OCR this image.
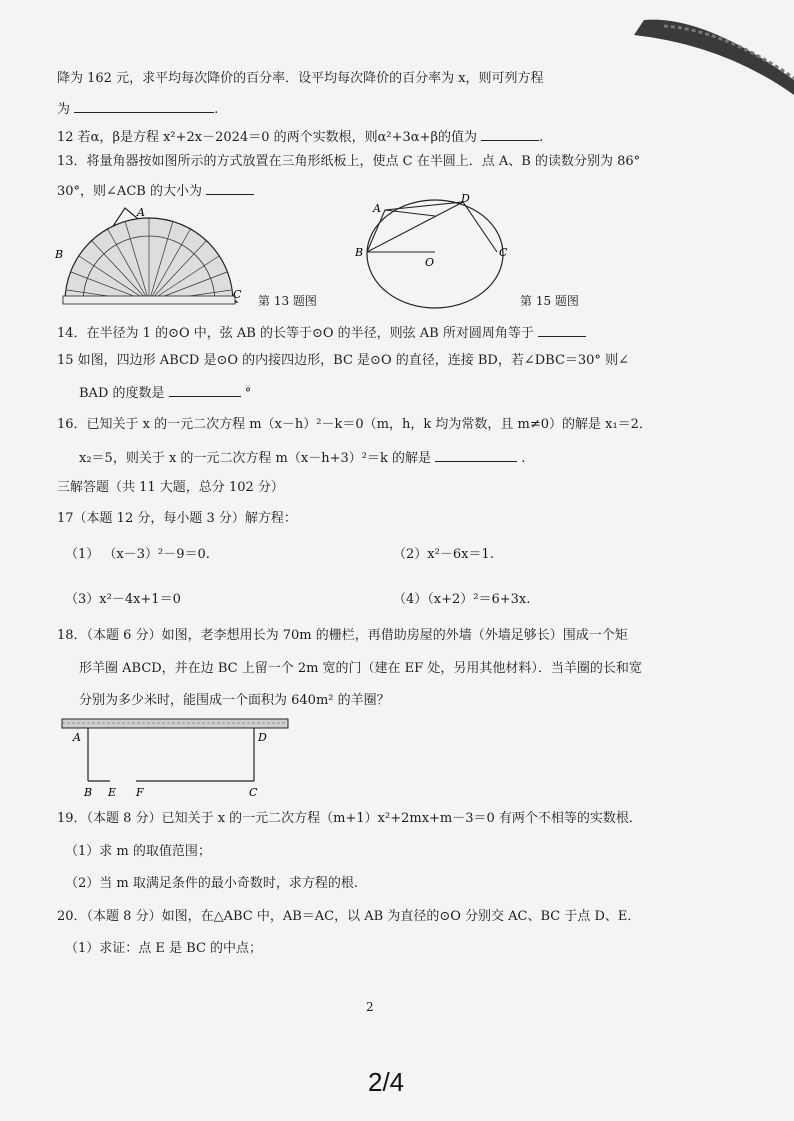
降为 162 元，求平均每次降价的百分率．设平均每次降价的百分率为 x，则可列方程
为	.
12 若α，β是方程 x²+2x－2024＝0 的两个实数根，则α²+3α+β的值为	.
13．将量角器按如图所示的方式放置在三角形纸板上，使点 C 在半圆上．点 A、B 的读数分别为 86°
30°，则∠ACB 的大小为
A
B
C 第 13 题图
A
B	C
D
O
第 15 题图
14．在半径为 1 的⊙O 中，弦 AB 的长等于⊙O 的半径，则弦 AB 所对圆周角等于
15 如图，四边形 ABCD 是⊙O 的内接四边形，BC 是⊙O 的直径，连接 BD，若∠DBC＝30° 则∠
BAD 的度数是	°
16．已知关于 x 的一元二次方程 m（x－h）²－k＝0（m，h，k 均为常数，且 m≠0）的解是 x₁＝2．
x₂＝5，则关于 x 的一元二次方程 m（x－h+3）²＝k 的解是	.
三解答题（共 11 大题，总分 102 分）
17（本题 12 分，每小题 3 分）解方程：
（1） （x－3）²－9＝0.	（2）x²－6x＝1.
（3）x²－4x+1＝0	（4）（x+2）²＝6+3x.
18．（本题 6 分）如图，老李想用长为 70m 的栅栏，再借助房屋的外墙（外墙足够长）围成一个矩
形羊圈 ABCD，并在边 BC 上留一个 2m 宽的门（建在 EF 处，另用其他材料）．当羊圈的长和宽
分别为多少米时，能围成一个面积为 640m² 的羊圈？
A	D
B E F	C
19．（本题 8 分）已知关于 x 的一元二次方程（m+1）x²+2mx+m－3＝0 有两个不相等的实数根．
（1）求 m 的取值范围；
（2）当 m 取满足条件的最小奇数时，求方程的根.
20．（本题 8 分）如图，在△ABC 中，AB＝AC，以 AB 为直径的⊙O 分别交 AC、BC 于点 D、E．
（1）求证：点 E 是 BC 的中点；
2
2/4
